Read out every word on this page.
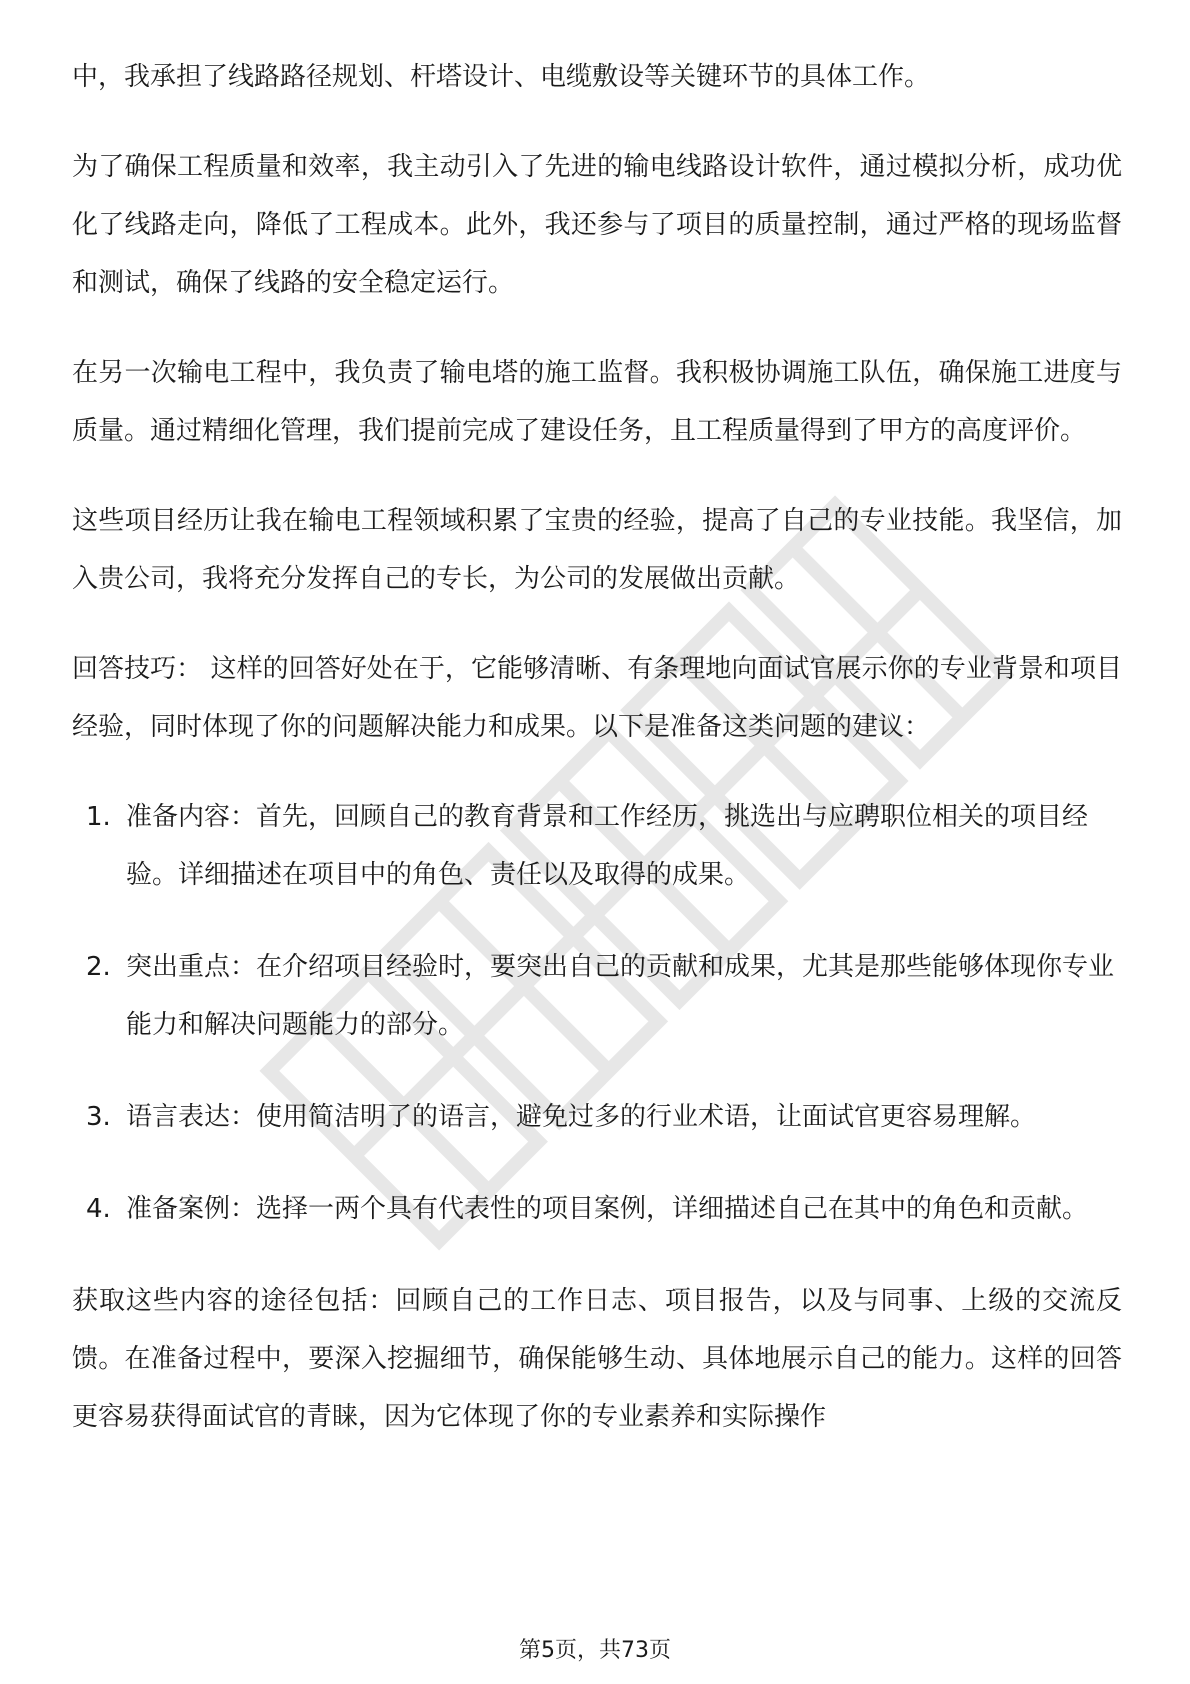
中，我承担了线路路径规划、杆塔设计、电缆敷设等关键环节的具体工作。

为了确保工程质量和效率，我主动引入了先进的输电线路设计软件，通过模拟分析，成功优化了线路走向，降低了工程成本。此外，我还参与了项目的质量控制，通过严格的现场监督和测试，确保了线路的安全稳定运行。

在另一次输电工程中，我负责了输电塔的施工监督。我积极协调施工队伍，确保施工进度与质量。通过精细化管理，我们提前完成了建设任务，且工程质量得到了甲方的高度评价。

这些项目经历让我在输电工程领域积累了宝贵的经验，提高了自己的专业技能。我坚信，加入贵公司，我将充分发挥自己的专长，为公司的发展做出贡献。

回答技巧： 这样的回答好处在于，它能够清晰、有条理地向面试官展示你的专业背景和项目经验，同时体现了你的问题解决能力和成果。以下是准备这类问题的建议：

1. 准备内容：首先，回顾自己的教育背景和工作经历，挑选出与应聘职位相关的项目经验。详细描述在项目中的角色、责任以及取得的成果。
2. 突出重点：在介绍项目经验时，要突出自己的贡献和成果，尤其是那些能够体现你专业能力和解决问题能力的部分。
3. 语言表达：使用简洁明了的语言，避免过多的行业术语，让面试官更容易理解。
4. 准备案例：选择一两个具有代表性的项目案例，详细描述自己在其中的角色和贡献。

获取这些内容的途径包括：回顾自己的工作日志、项目报告，以及与同事、上级的交流反馈。在准备过程中，要深入挖掘细节，确保能够生动、具体地展示自己的能力。这样的回答更容易获得面试官的青睐，因为它体现了你的专业素养和实际操作

第5页，共73页
